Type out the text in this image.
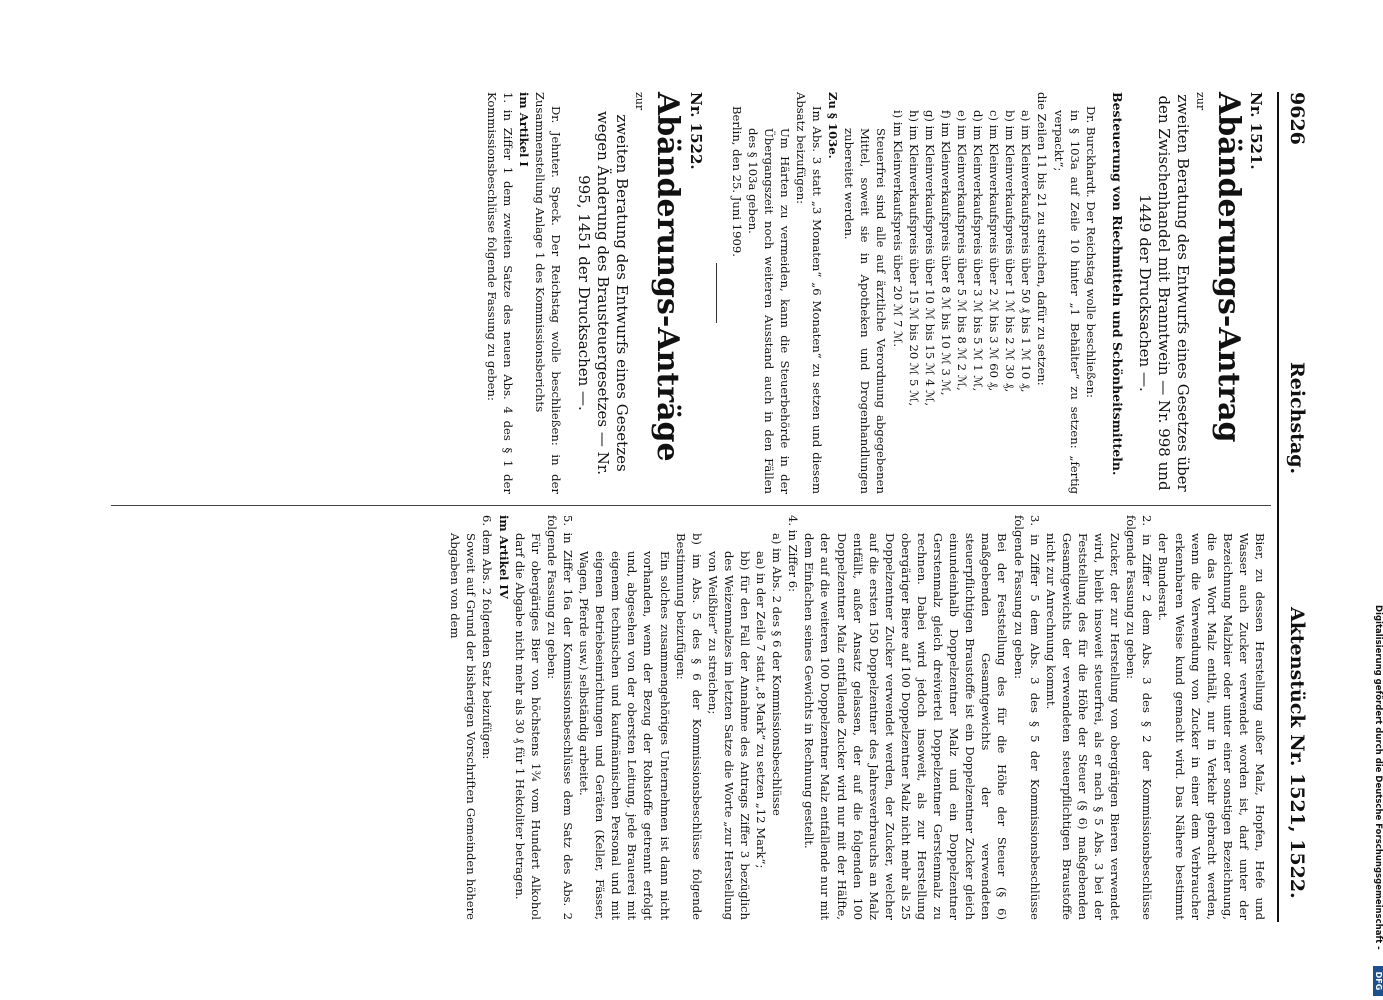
Digitalisierung gefördert durch die Deutsche Forschungsgemeinschaft -
DFG
9626
Reichstag.
Aktenstück Nr. 1521, 1522.

Nr. 1521.

Abänderungs-Antrag

zur

zweiten Beratung des Entwurfs eines Gesetzes über den Zwischenhandel mit Branntwein — Nr. 998 und 1449 der Drucksachen —.

Besteuerung von Riechmitteln und Schönheitsmitteln.

Dr. Burckhardt. Der Reichstag wolle beschließen:

in § 103a auf Zeile 10 hinter „1 Behälter“ zu setzen: „fertig verpackt“;

die Zeilen 11 bis 21 zu streichen, dafür zu setzen:

a) im Kleinverkaufspreis über 50 ₰ bis 1 ℳ 10 ₰,

b) im Kleinverkaufspreis über 1 ℳ bis 2 ℳ 30 ₰,

c) im Kleinverkaufspreis über 2 ℳ bis 3 ℳ 60 ₰,

d) im Kleinverkaufspreis über 3 ℳ bis 5 ℳ 1 ℳ,

e) im Kleinverkaufspreis über 5 ℳ bis 8 ℳ 2 ℳ,

f) im Kleinverkaufspreis über 8 ℳ bis 10 ℳ 3 ℳ,

g) im Kleinverkaufspreis über 10 ℳ bis 15 ℳ 4 ℳ,

h) im Kleinverkaufspreis über 15 ℳ bis 20 ℳ 5 ℳ,

i) im Kleinverkaufspreis über 20 ℳ 7 ℳ.

Steuerfrei sind alle auf ärztliche Verordnung abgegebenen Mittel, soweit sie in Apotheken und Drogenhandlungen zubereitet werden.

Zu § 103e.

Im Abs. 3 statt „3 Monaten“ „6 Monaten“ zu setzen und diesem Absatz beizufügen:

Um Härten zu vermeiden, kann die Steuerbehörde in der Übergangszeit noch weiteren Ausstand auch in den Fällen des § 103a geben.

Berlin, den 25. Juni 1909.

Nr. 1522.

Abänderungs-Anträge

zur

zweiten Beratung des Entwurfs eines Gesetzes wegen Änderung des Brausteuergesetzes — Nr. 995, 1451 der Drucksachen —.

Dr. Jehnter. Speck. Der Reichstag wolle beschließen: in der Zusammenstellung Anlage 1 des Kommissionsberichts

im Artikel I

1. in Ziffer 1 dem zweiten Satze des neuen Abs. 4 des § 1 der Kommissionsbeschlüsse folgende Fassung zu geben:

Bier, zu dessen Herstellung außer Malz, Hopfen, Hefe und Wasser auch Zucker verwendet worden ist, darf unter der Bezeichnung Malzbier oder unter einer sonstigen Bezeichnung, die das Wort Malz enthält, nur in Verkehr gebracht werden, wenn die Verwendung von Zucker in einer dem Verbraucher erkennbaren Weise kund gemacht wird. Das Nähere bestimmt der Bundesrat.

2. in Ziffer 2 dem Abs. 3 des § 2 der Kommissionsbeschlüsse folgende Fassung zu geben:

Zucker, der zur Herstellung von obergärigen Bieren verwendet wird, bleibt insoweit steuerfrei, als er nach § 5 Abs. 3 bei der Feststellung des für die Höhe der Steuer (§ 6) maßgebenden Gesamtgewichts der verwendeten steuerpflichtigen Braustoffe nicht zur Anrechnung kommt.

3. in Ziffer 5 dem Abs. 3 des § 5 der Kommissionsbeschlüsse folgende Fassung zu geben:

Bei der Feststellung des für die Höhe der Steuer (§ 6) maßgebenden Gesamtgewichts der verwendeten steuerpflichtigen Braustoffe ist ein Doppelzentner Zucker gleich einundeinhalb Doppelzentner Malz und ein Doppelzentner Gerstenmalz gleich dreiviertel Doppelzentner Gerstenmalz zu rechnen. Dabei wird jedoch insoweit, als zur Herstellung obergäriger Biere auf 100 Doppelzentner Malz nicht mehr als 25 Doppelzentner Zucker verwendet werden, der Zucker, welcher auf die ersten 150 Doppelzentner des Jahresverbrauchs an Malz entfällt, außer Ansatz gelassen, der auf die folgenden 100 Doppelzentner Malz entfallende Zucker wird nur mit der Hälfte, der auf die weiteren 100 Doppelzentner Malz entfallende nur mit dem Einfachen seines Gewichts in Rechnung gestellt.

4. in Ziffer 6:

a) im Abs. 2 des § 6 der Kommissionsbeschlüsse

aa) in der Zeile 7 statt „8 Mark“ zu setzen „12 Mark“;

bb) für den Fall der Annahme des Antrags Ziffer 3 bezüglich des Weizenmalzes im letzten Satze die Worte „zur Herstellung von Weißbier“ zu streichen;

b) im Abs. 5 des § 6 der Kommissionsbeschlüsse folgende Bestimmung beizufügen:

Ein solches zusammengehöriges Unternehmen ist dann nicht vorhanden, wenn der Bezug der Rohstoffe getrennt erfolgt und, abgesehen von der obersten Leitung, jede Brauerei mit eigenem technischen und kaufmännischen Personal und mit eigenen Betriebseinrichtungen und Geräten (Keller, Fässer, Wagen, Pferde usw.) selbständig arbeitet.

5. in Ziffer 16a der Kommissionsbeschlüsse dem Satz des Abs. 2 folgende Fassung zu geben:

Für obergäriges Bier von höchstens 1¾ vom Hundert Alkohol darf die Abgabe nicht mehr als 30 ₰ für 1 Hektoliter betragen.

im Artikel IV

6. dem Abs. 2 folgenden Satz beizufügen:

Soweit auf Grund der bisherigen Vorschriften Gemeinden höhere Abgaben von dem
